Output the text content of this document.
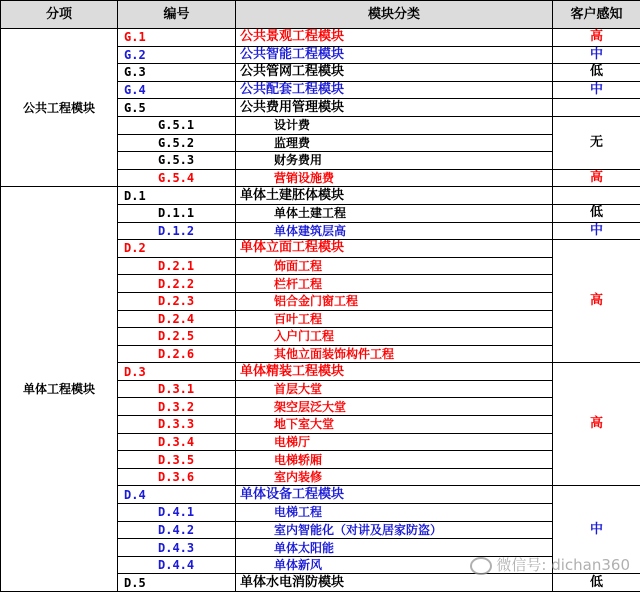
分项	编号	模块分类	客户感知
公共工程模块	G.1	公共景观工程模块	高
	G.2	公共智能工程模块	中
	G.3	公共管网工程模块	低
	G.4	公共配套工程模块	中
	G.5	公共费用管理模块	
	G.5.1	设计费	无
	G.5.2	监理费	
	G.5.3	财务费用	
	G.5.4	营销设施费	高
单体工程模块	D.1	单体土建胚体模块	
	D.1.1	单体土建工程	低
	D.1.2	单体建筑层高	中
	D.2	单体立面工程模块	高
	D.2.1	饰面工程	
	D.2.2	栏杆工程	
	D.2.3	铝合金门窗工程	
	D.2.4	百叶工程	
	D.2.5	入户门工程	
	D.2.6	其他立面装饰构件工程	
	D.3	单体精装工程模块	高
	D.3.1	首层大堂	
	D.3.2	架空层泛大堂	
	D.3.3	地下室大堂	
	D.3.4	电梯厅	
	D.3.5	电梯轿厢	
	D.3.6	室内装修	
	D.4	单体设备工程模块	中
	D.4.1	电梯工程	
	D.4.2	室内智能化（对讲及居家防盗）	
	D.4.3	单体太阳能	
	D.4.4	单体新风	
	D.5	单体水电消防模块	低
微信号: dichan360
